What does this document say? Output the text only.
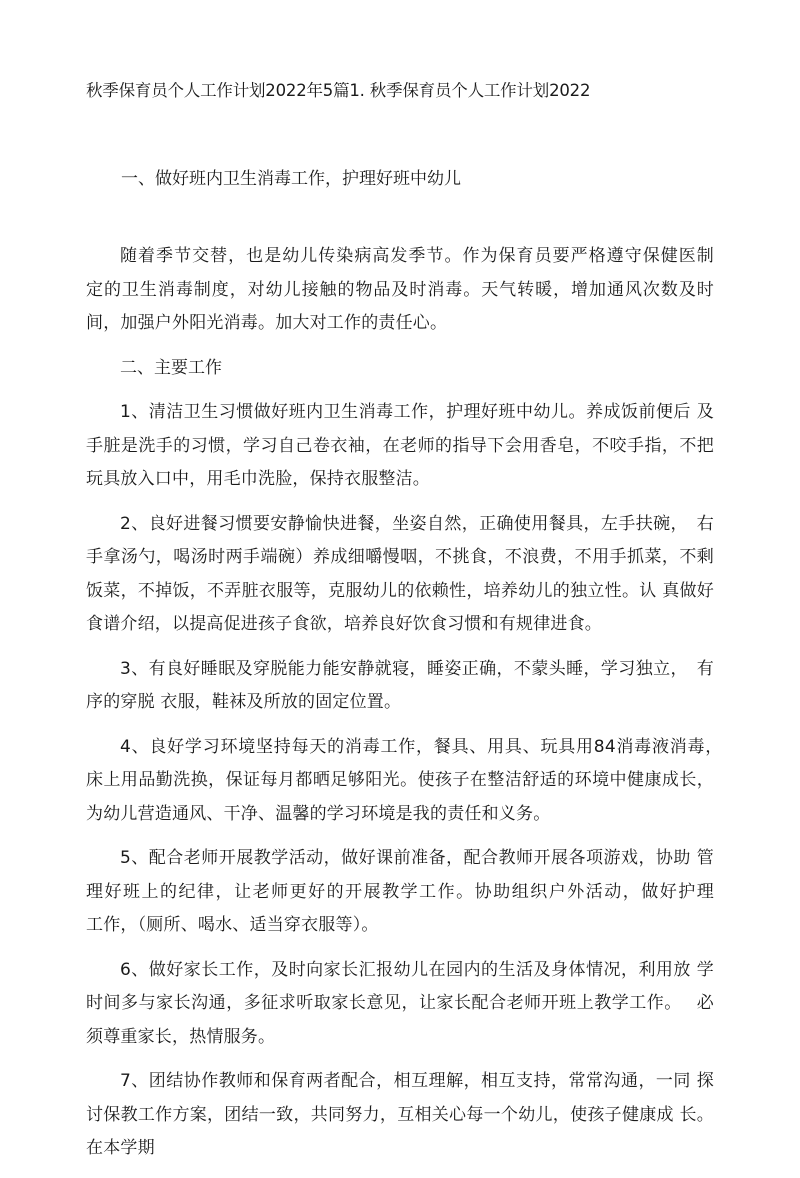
秋季保育员个人工作计划2022年5篇1. 秋季保育员个人工作计划2022
一、做好班内卫生消毒工作，护理好班中幼儿

随着季节交替，也是幼儿传染病高发季节。作为保育员要严格遵守保健医制　定的卫生消毒制度，对幼儿接触的物品及时消毒。天气转暖，增加通风次数及时　　间，加强户外阳光消毒。加大对工作的责任心。

二、主要工作

1、清洁卫生习惯做好班内卫生消毒工作，护理好班中幼儿。养成饭前便后 及手脏是洗手的习惯，学习自己卷衣袖，在老师的指导下会用香皂，不咬手指，不把玩具放入口中，用毛巾洗脸，保持衣服整洁。

2、良好进餐习惯要安静愉快进餐，坐姿自然，正确使用餐具，左手扶碗，　右手拿汤勺，喝汤时两手端碗）养成细嚼慢咽，不挑食，不浪费，不用手抓菜，不剩饭菜，不掉饭，不弄脏衣服等，克服幼儿的依赖性，培养幼儿的独立性。认 真做好食谱介绍，以提高促进孩子食欲，培养良好饮食习惯和有规律进食。

3、有良好睡眠及穿脱能力能安静就寝，睡姿正确，不蒙头睡，学习独立，　有序的穿脱 衣服，鞋袜及所放的固定位置。

4、良好学习环境坚持每天的消毒工作，餐具、用具、玩具用84消毒液消毒，　床上用品勤洗换，保证每月都晒足够阳光。使孩子在整洁舒适的环境中健康成长， 为幼儿营造通风、干净、温馨的学习环境是我的责任和义务。

5、配合老师开展教学活动，做好课前准备，配合教师开展各项游戏，协助 管理好班上的纪律，让老师更好的开展教学工作。协助组织户外活动，做好护理　　工作，（厕所、喝水、适当穿衣服等）。

6、做好家长工作，及时向家长汇报幼儿在园内的生活及身体情况，利用放 学时间多与家长沟通，多征求听取家长意见，让家长配合老师开班上教学工作。　 必须尊重家长，热情服务。

7、团结协作教师和保育两者配合，相互理解，相互支持，常常沟通，一同 探讨保教工作方案，团结一致，共同努力，互相关心每一个幼儿，使孩子健康成 长。在本学期
